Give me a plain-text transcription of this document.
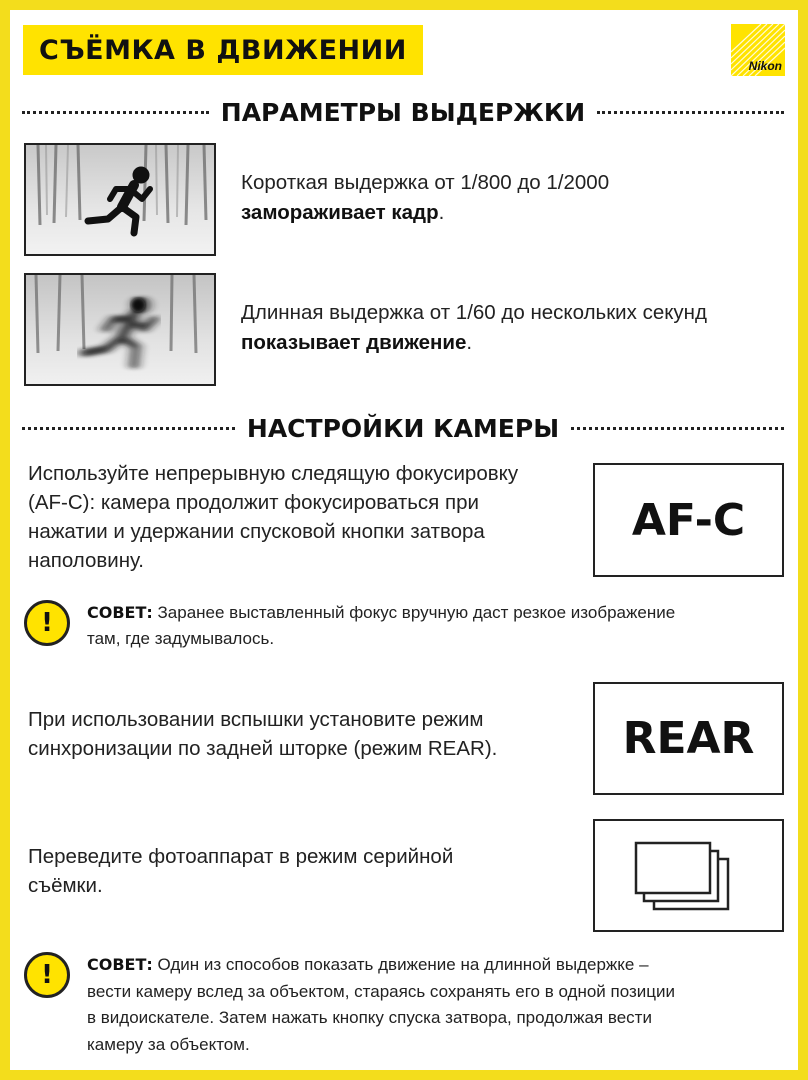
СЪЁМКА В ДВИЖЕНИИ
Nikon
ПАРАМЕТРЫ ВЫДЕРЖКИ
Короткая выдержка от 1/800 до 1/2000
замораживает кадр.
Длинная выдержка от 1/60 до нескольких секунд
показывает движение.
НАСТРОЙКИ КАМЕРЫ
Используйте непрерывную следящую фокусировку
(AF-C): камера продолжит фокусироваться при
нажатии и удержании спусковой кнопки затвора
наполовину.
AF-C
!	СОВЕТ: Заранее выставленный фокус вручную даст резкое изображение
там, где задумывалось.
При использовании вспышки установите режим
синхронизации по задней шторке (режим REAR).	REAR
Переведите фотоаппарат в режим серийной
съёмки.
!	СОВЕТ: Один из способов показать движение на длинной выдержке –
вести камеру вслед за объектом, стараясь сохранять его в одной позиции
в видоискателе. Затем нажать кнопку спуска затвора, продолжая вести
камеру за объектом.
